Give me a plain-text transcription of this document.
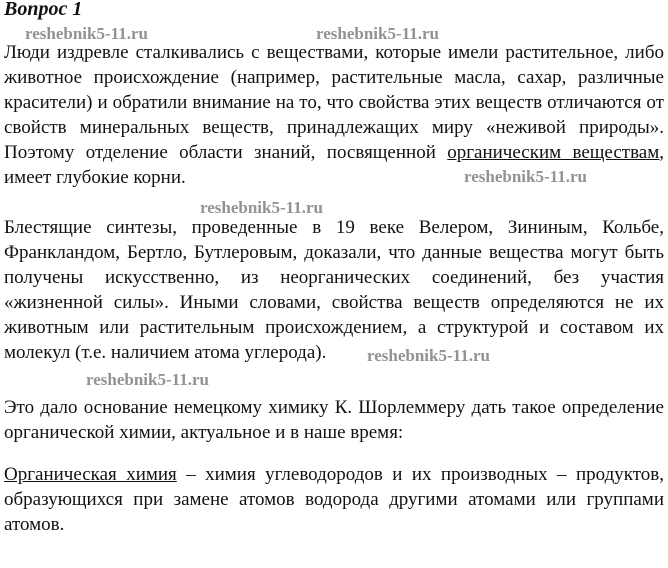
Вопрос 1
Люди издревле сталкивались с веществами, которые имели растительное, либо животное происхождение (например, растительные масла, сахар, различные красители) и обратили внимание на то, что свойства этих веществ отличаются от свойств минеральных веществ, принадлежащих миру «неживой природы». Поэтому отделение области знаний, посвященной органическим веществам, имеет глубокие корни.
Блестящие синтезы, проведенные в 19 веке Велером, Зининым, Кольбе, Франкландом, Бертло, Бутлеровым, доказали, что данные вещества могут быть получены искусственно, из неорганических соединений, без участия «жизненной силы». Иными словами, свойства веществ определяются не их животным или растительным происхождением, а структурой и составом их молекул (т.е. наличием атома углерода).
Это дало основание немецкому химику К. Шорлеммеру дать такое определение органической химии, актуальное и в наше время:
Органическая химия – химия углеводородов и их производных – продуктов, образующихся при замене атомов водорода другими атомами или группами атомов.
reshebnik5-11.ru	reshebnik5-11.ru
reshebnik5-11.ru
reshebnik5-11.ru
reshebnik5-11.ru
reshebnik5-11.ru
